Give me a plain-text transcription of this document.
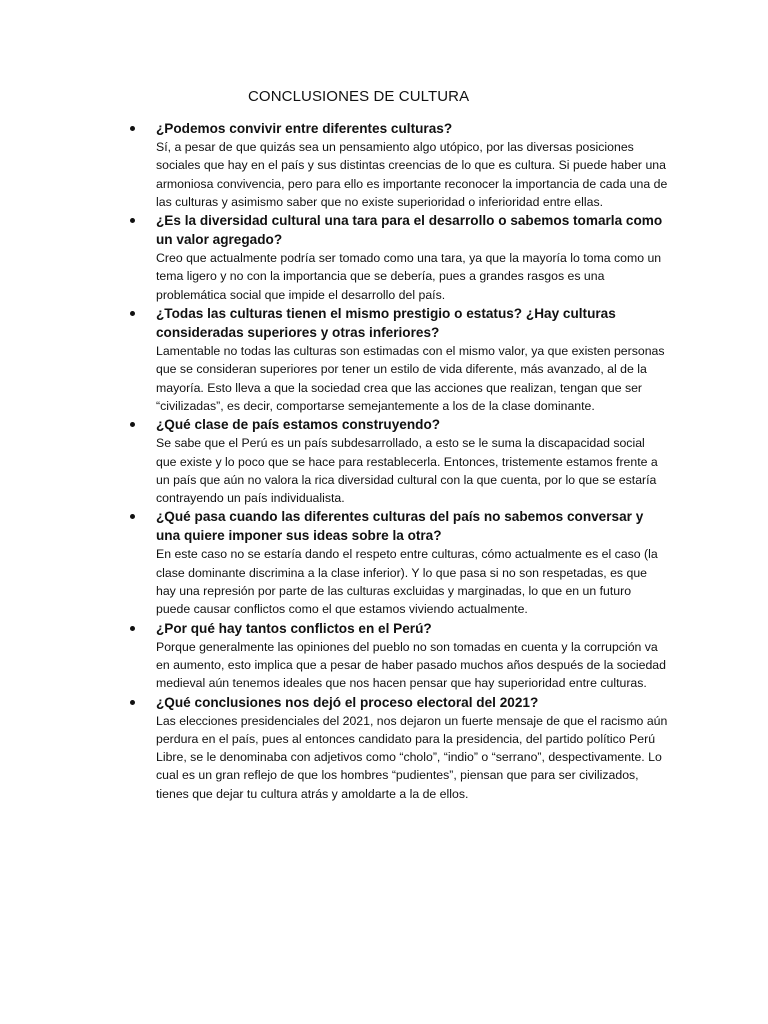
CONCLUSIONES DE CULTURA

¿Podemos convivir entre diferentes culturas?

Sí, a pesar de que quizás sea un pensamiento algo utópico, por las diversas posiciones sociales que hay en el país y sus distintas creencias de lo que es cultura. Si puede haber una armoniosa convivencia, pero para ello es importante reconocer la importancia de cada una de las culturas y asimismo saber que no existe superioridad o inferioridad entre ellas.

¿Es la diversidad cultural una tara para el desarrollo o sabemos tomarla como un valor agregado?

Creo que actualmente podría ser tomado como una tara, ya que la mayoría lo toma como un tema ligero y no con la importancia que se debería, pues a grandes rasgos es una problemática social que impide el desarrollo del país.

¿Todas las culturas tienen el mismo prestigio o estatus? ¿Hay culturas consideradas superiores y otras inferiores?

Lamentable no todas las culturas son estimadas con el mismo valor, ya que existen personas que se consideran superiores por tener un estilo de vida diferente, más avanzado, al de la mayoría. Esto lleva a que la sociedad crea que las acciones que realizan, tengan que ser “civilizadas”, es decir, comportarse semejantemente a los de la clase dominante.

¿Qué clase de país estamos construyendo?

Se sabe que el Perú es un país subdesarrollado, a esto se le suma la discapacidad social que existe y lo poco que se hace para restablecerla. Entonces, tristemente estamos frente a un país que aún no valora la rica diversidad cultural con la que cuenta, por lo que se estaría contrayendo un país individualista.

¿Qué pasa cuando las diferentes culturas del país no sabemos conversar y una quiere imponer sus ideas sobre la otra?

En este caso no se estaría dando el respeto entre culturas, cómo actualmente es el caso (la clase dominante discrimina a la clase inferior). Y lo que pasa si no son respetadas, es que hay una represión por parte de las culturas excluidas y marginadas, lo que en un futuro puede causar conflictos como el que estamos viviendo actualmente.

¿Por qué hay tantos conflictos en el Perú?

Porque generalmente las opiniones del pueblo no son tomadas en cuenta y la corrupción va en aumento, esto implica que a pesar de haber pasado muchos años después de la sociedad medieval aún tenemos ideales que nos hacen pensar que hay superioridad entre culturas.

¿Qué conclusiones nos dejó el proceso electoral del 2021?

Las elecciones presidenciales del 2021, nos dejaron un fuerte mensaje de que el racismo aún perdura en el país, pues al entonces candidato para la presidencia, del partido político Perú Libre, se le denominaba con adjetivos como “cholo”, “indio” o “serrano”, despectivamente. Lo cual es un gran reflejo de que los hombres “pudientes”, piensan que para ser civilizados, tienes que dejar tu cultura atrás y amoldarte a la de ellos.
